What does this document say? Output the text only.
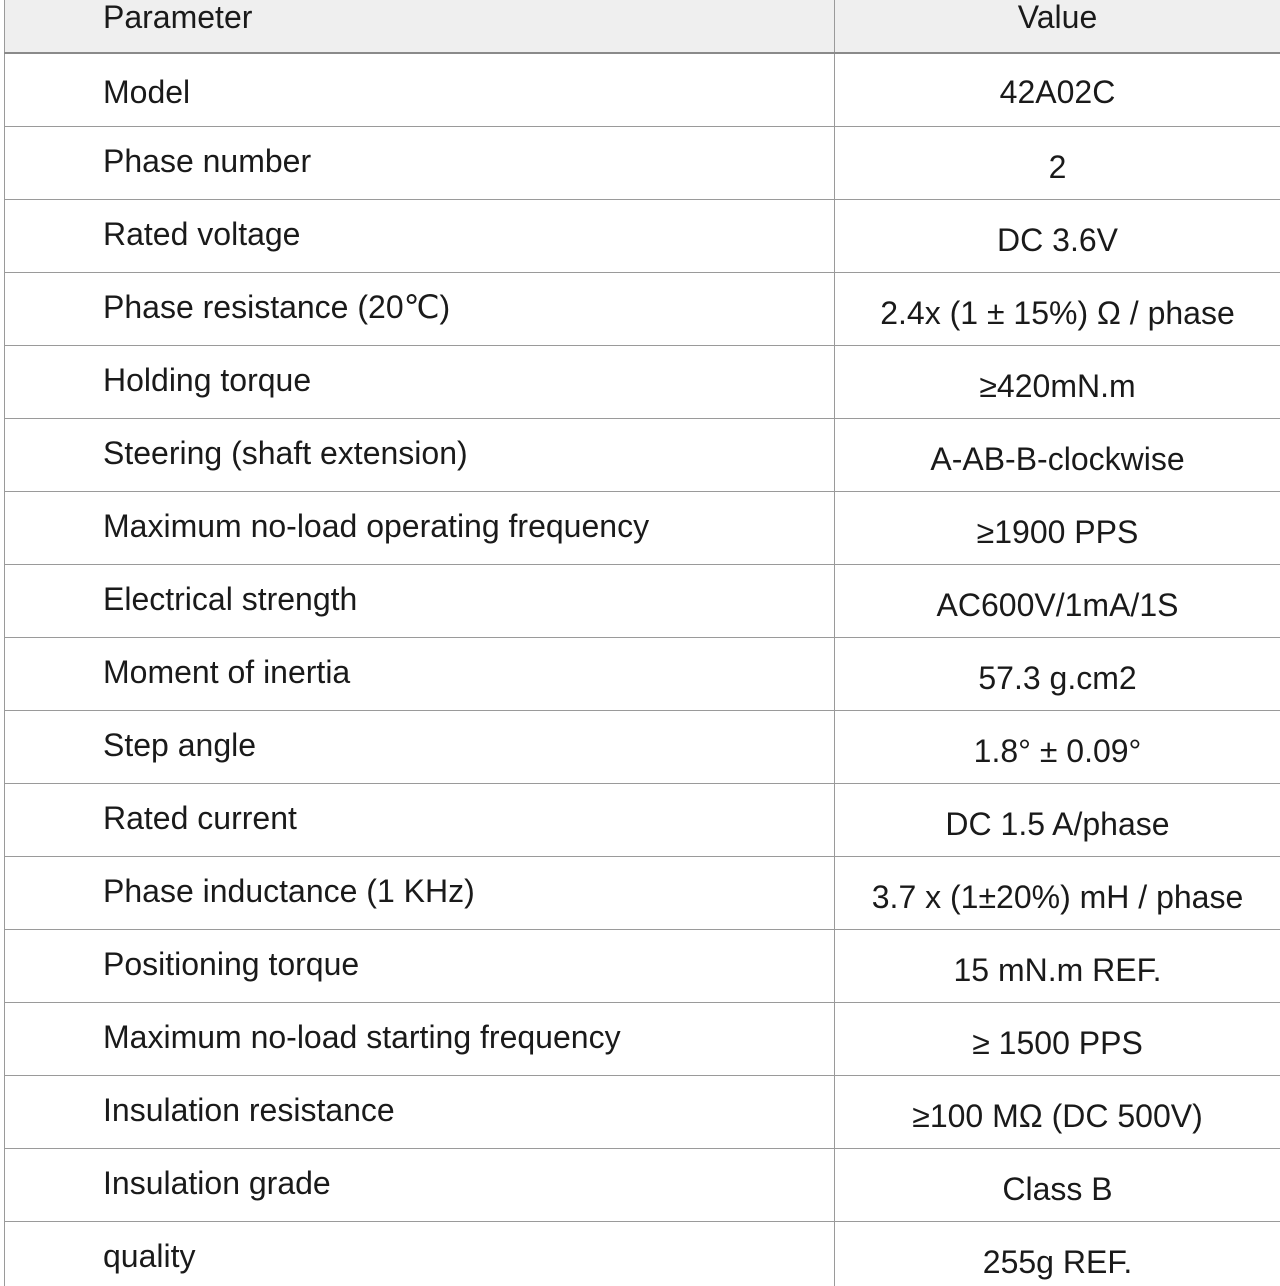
Parameter	Value

Model	42A02C

Phase number	2

Rated voltage	DC 3.6V

Phase resistance (20℃)	2.4x (1 ± 15%) Ω / phase

Holding torque	≥420mN.m

Steering (shaft extension)	A-AB-B-clockwise

Maximum no-load operating frequency	≥1900 PPS

Electrical strength	AC600V/1mA/1S

Moment of inertia	57.3 g.cm2

Step angle	1.8° ± 0.09°

Rated current	DC 1.5 A/phase

Phase inductance (1 KHz)	3.7 x (1±20%) mH / phase

Positioning torque	15 mN.m REF.

Maximum no-load starting frequency	≥ 1500 PPS

Insulation resistance	≥100 MΩ (DC 500V)

Insulation grade	Class B

quality	255g REF.
